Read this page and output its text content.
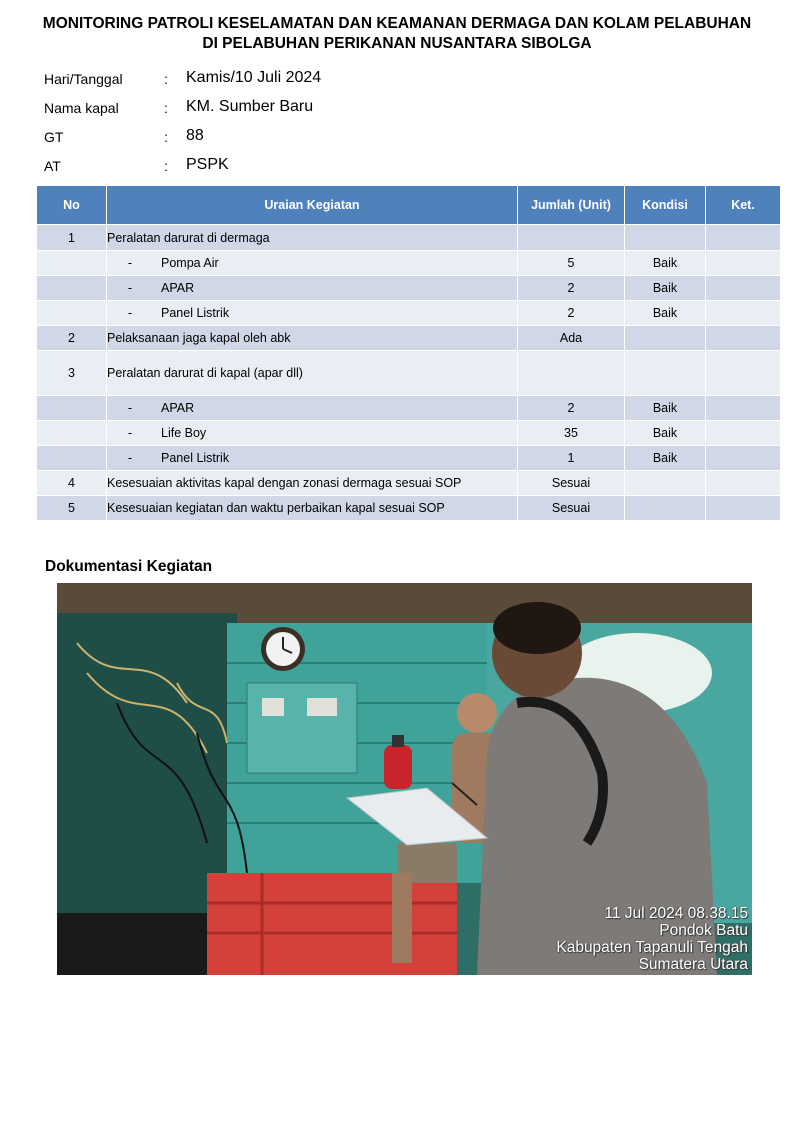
MONITORING PATROLI KESELAMATAN DAN KEAMANAN DERMAGA DAN KOLAM PELABUHAN
DI PELABUHAN PERIKANAN NUSANTARA SIBOLGA
Hari/Tanggal	: Kamis/10 Juli 2024
Nama kapal	: KM. Sumber Baru
GT	: 88
AT	: PSPK
No	Uraian Kegiatan	Jumlah (Unit)	Kondisi	Ket.
1	Peralatan darurat di dermaga			

	- Pompa Air	5	Baik	

	- APAR	2	Baik	

	- Panel Listrik	2	Baik	
2	Pelaksanaan jaga kapal oleh abk	Ada		
3	Peralatan darurat di kapal (apar dll)			

	- APAR	2	Baik	

	- Life Boy	35	Baik	

	- Panel Listrik	1	Baik	
4	Kesesuaian aktivitas kapal dengan zonasi dermaga sesuai SOP	Sesuai		
5	Kesesuaian kegiatan dan waktu perbaikan kapal sesuai SOP	Sesuai		
Dokumentasi Kegiatan
11 Jul 2024 08.38.15
Pondok Batu
Kabupaten Tapanuli Tengah
Sumatera Utara
